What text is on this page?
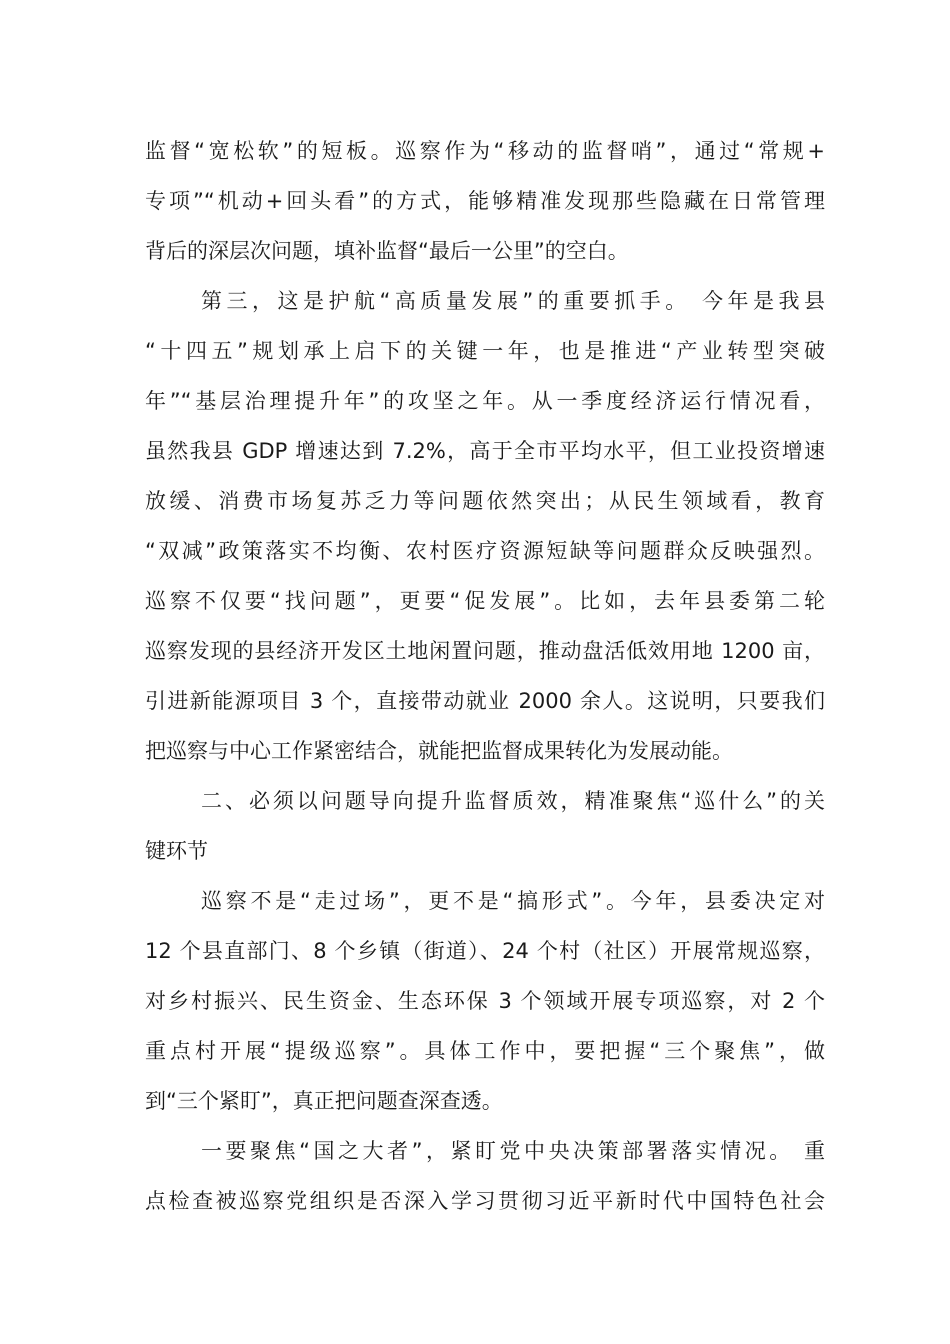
监督“宽松软”的短板。巡察作为“移动的监督哨”，通过“常规+
专项”“机动+回头看”的方式，能够精准发现那些隐藏在日常管理
背后的深层次问题，填补监督“最后一公里”的空白。
第三，这是护航“高质量发展”的重要抓手。 今年是我县
“十四五”规划承上启下的关键一年，也是推进“产业转型突破
年”“基层治理提升年”的攻坚之年。从一季度经济运行情况看，
虽然我县 GDP 增速达到 7.2%，高于全市平均水平，但工业投资增速
放缓、消费市场复苏乏力等问题依然突出；从民生领域看，教育
“双减”政策落实不均衡、农村医疗资源短缺等问题群众反映强烈。
巡察不仅要“找问题”，更要“促发展”。比如，去年县委第二轮
巡察发现的县经济开发区土地闲置问题，推动盘活低效用地 1200 亩，
引进新能源项目 3 个，直接带动就业 2000 余人。这说明，只要我们
把巡察与中心工作紧密结合，就能把监督成果转化为发展动能。
二、必须以问题导向提升监督质效，精准聚焦“巡什么”的关
键环节
巡察不是“走过场”，更不是“搞形式”。今年，县委决定对
12 个县直部门、8 个乡镇（街道）、24 个村（社区）开展常规巡察，
对乡村振兴、民生资金、生态环保 3 个领域开展专项巡察，对 2 个
重点村开展“提级巡察”。具体工作中，要把握“三个聚焦”，做
到“三个紧盯”，真正把问题查深查透。
一要聚焦“国之大者”，紧盯党中央决策部署落实情况。 重
点检查被巡察党组织是否深入学习贯彻习近平新时代中国特色社会
